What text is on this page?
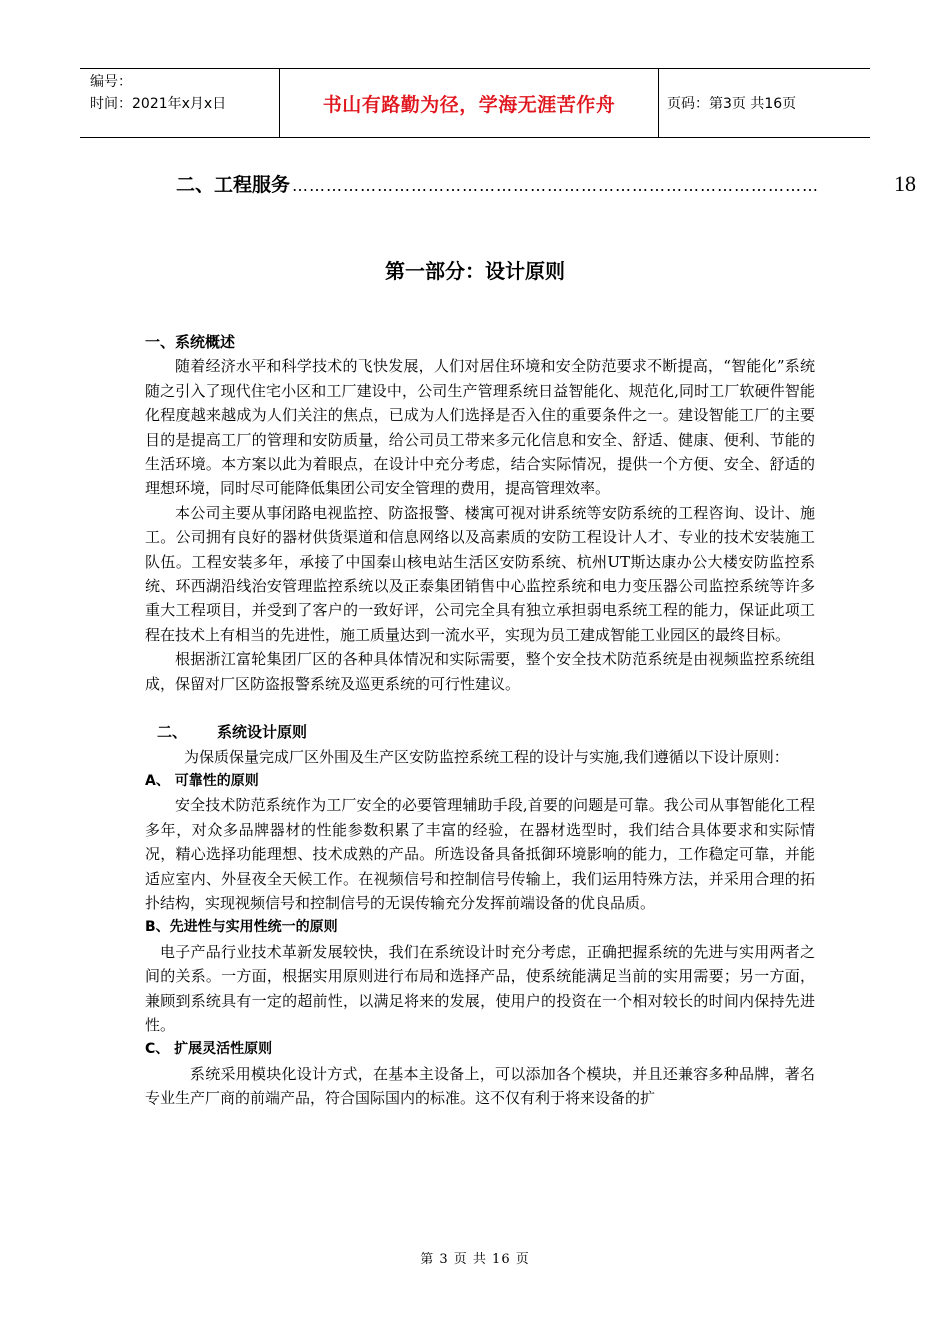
编号：
时间：2021年x月x日	书山有路勤为径，学海无涯苦作舟	页码：第3页 共16页
二、工程服务 …………………………………………………………………………………	18
第一部分：设计原则

一、系统概述

随着经济水平和科学技术的飞快发展，人们对居住环境和安全防范要求不断提高，“智能化”系统随之引入了现代住宅小区和工厂建设中，公司生产管理系统日益智能化、规范化,同时工厂软硬件智能化程度越来越成为人们关注的焦点，已成为人们选择是否入住的重要条件之一。建设智能工厂的主要目的是提高工厂的管理和安防质量，给公司员工带来多元化信息和安全、舒适、健康、便利、节能的生活环境。本方案以此为着眼点，在设计中充分考虑，结合实际情况，提供一个方便、安全、舒适的理想环境，同时尽可能降低集团公司安全管理的费用，提高管理效率。

本公司主要从事闭路电视监控、防盗报警、楼寓可视对讲系统等安防系统的工程咨询、设计、施工。公司拥有良好的器材供货渠道和信息网络以及高素质的安防工程设计人才、专业的技术安装施工队伍。工程安装多年，承接了中国秦山核电站生活区安防系统、杭州UT斯达康办公大楼安防监控系统、环西湖沿线治安管理监控系统以及正泰集团销售中心监控系统和电力变压器公司监控系统等许多重大工程项目，并受到了客户的一致好评，公司完全具有独立承担弱电系统工程的能力，保证此项工程在技术上有相当的先进性，施工质量达到一流水平，实现为员工建成智能工业园区的最终目标。

根据浙江富轮集团厂区的各种具体情况和实际需要，整个安全技术防范系统是由视频监控系统组成，保留对厂区防盗报警系统及巡更系统的可行性建议。

二、	系统设计原则

为保质保量完成厂区外围及生产区安防监控系统工程的设计与实施,我们遵循以下设计原则：

A、 可靠性的原则

安全技术防范系统作为工厂安全的必要管理辅助手段,首要的问题是可靠。我公司从事智能化工程多年，对众多品牌器材的性能参数积累了丰富的经验，在器材选型时，我们结合具体要求和实际情况，精心选择功能理想、技术成熟的产品。所选设备具备抵御环境影响的能力，工作稳定可靠，并能适应室内、外昼夜全天候工作。在视频信号和控制信号传输上，我们运用特殊方法，并采用合理的拓扑结构，实现视频信号和控制信号的无误传输充分发挥前端设备的优良品质。

B、先进性与实用性统一的原则

电子产品行业技术革新发展较快，我们在系统设计时充分考虑，正确把握系统的先进与实用两者之间的关系。一方面，根据实用原则进行布局和选择产品，使系统能满足当前的实用需要；另一方面，兼顾到系统具有一定的超前性，以满足将来的发展，使用户的投资在一个相对较长的时间内保持先进性。

C、 扩展灵活性原则

系统采用模块化设计方式，在基本主设备上，可以添加各个模块，并且还兼容多种品牌，著名专业生产厂商的前端产品，符合国际国内的标准。这不仅有利于将来设备的扩

第 3 页 共 16 页
